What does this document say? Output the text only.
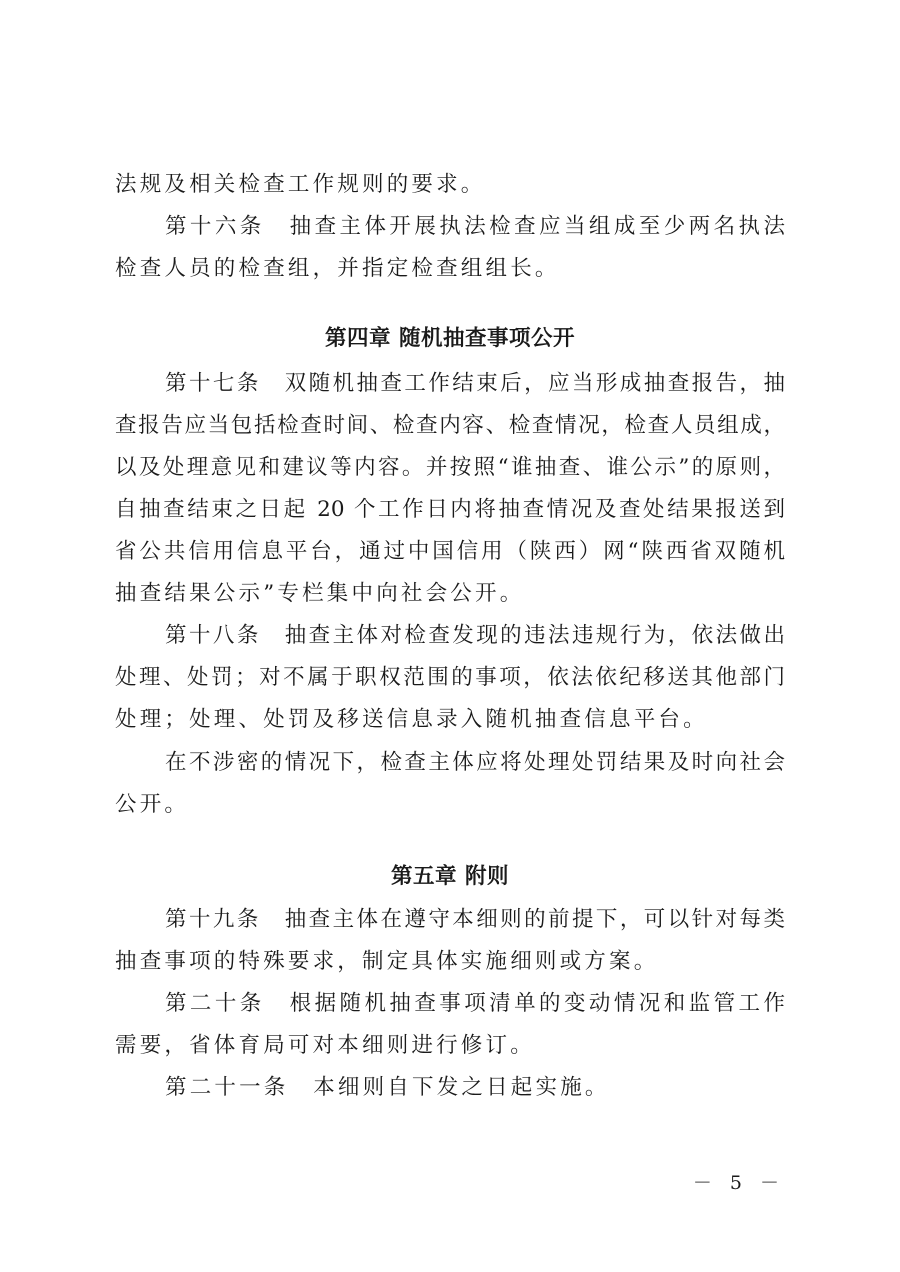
法规及相关检查工作规则的要求。
第十六条　抽查主体开展执法检查应当组成至少两名执法
检查人员的检查组，并指定检查组组长。
第四章 随机抽查事项公开
第十七条　双随机抽查工作结束后，应当形成抽查报告，抽
查报告应当包括检查时间、检查内容、检查情况，检查人员组成，
以及处理意见和建议等内容。并按照“谁抽查、谁公示”的原则，
自抽查结束之日起 20 个工作日内将抽查情况及查处结果报送到
省公共信用信息平台，通过中国信用（陕西）网“陕西省双随机
抽查结果公示”专栏集中向社会公开。
第十八条　抽查主体对检查发现的违法违规行为，依法做出
处理、处罚；对不属于职权范围的事项，依法依纪移送其他部门
处理；处理、处罚及移送信息录入随机抽查信息平台。
在不涉密的情况下，检查主体应将处理处罚结果及时向社会
公开。
第五章 附则
第十九条　抽查主体在遵守本细则的前提下，可以针对每类
抽查事项的特殊要求，制定具体实施细则或方案。
第二十条　根据随机抽查事项清单的变动情况和监管工作
需要，省体育局可对本细则进行修订。
第二十一条　本细则自下发之日起实施。
－ 5 －
